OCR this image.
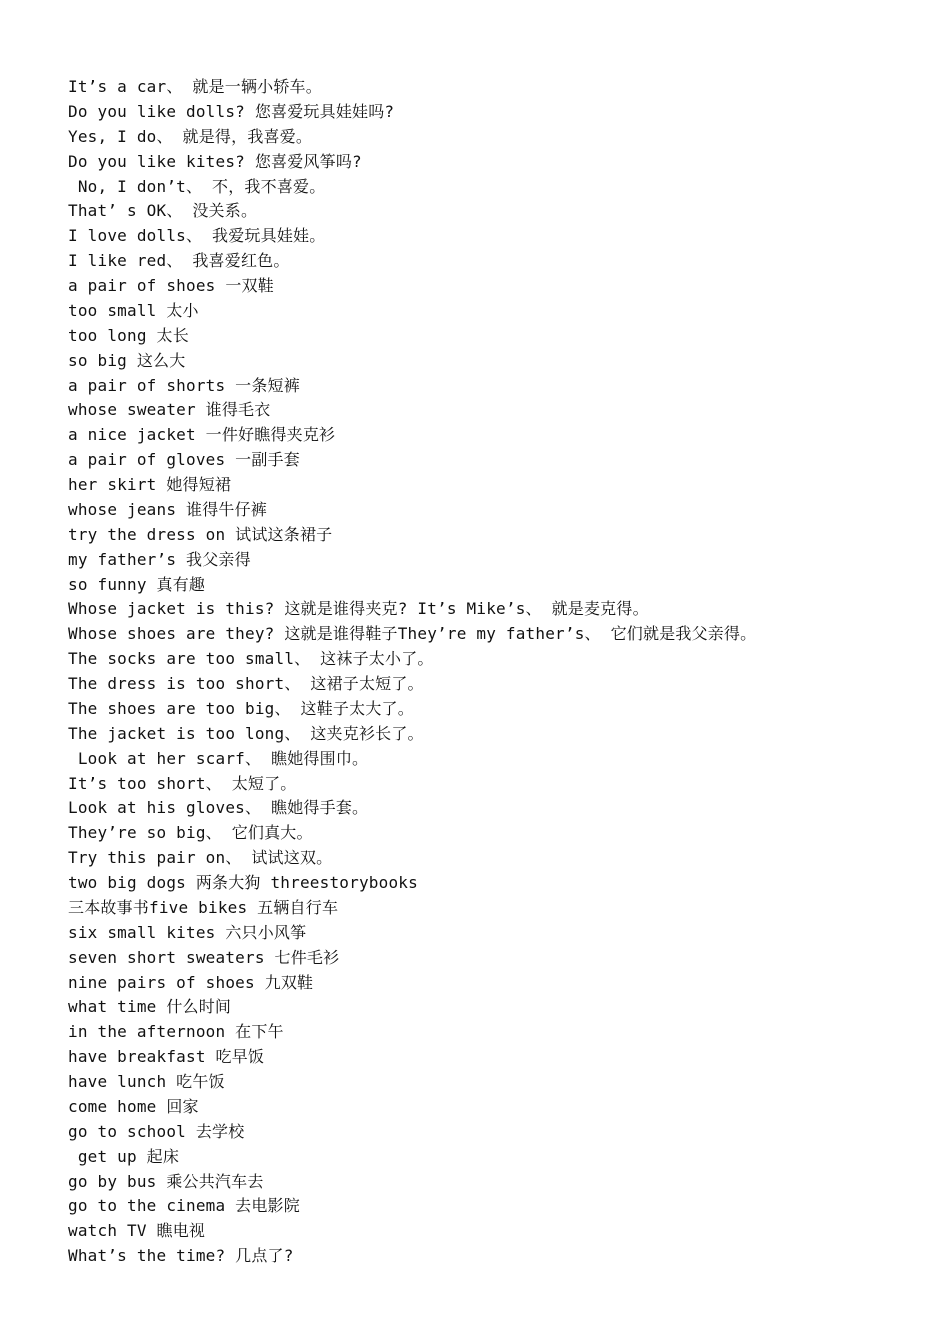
It’s a car、 就是一辆小轿车。
Do you like dolls? 您喜爱玩具娃娃吗?
Yes, I do、 就是得，我喜爱。
Do you like kites? 您喜爱风筝吗?
No, I don’t、 不，我不喜爱。
That’ s OK、 没关系。
I love dolls、 我爱玩具娃娃。
I like red、 我喜爱红色。
a pair of shoes 一双鞋
too small 太小
too long 太长
so big 这么大
a pair of shorts 一条短裤
whose sweater 谁得毛衣
a nice jacket 一件好瞧得夹克衫
a pair of gloves 一副手套
her skirt 她得短裙
whose jeans 谁得牛仔裤
try the dress on 试试这条裙子
my father’s 我父亲得
so funny 真有趣
Whose jacket is this? 这就是谁得夹克? It’s Mike’s、 就是麦克得。
Whose shoes are they? 这就是谁得鞋子They’re my father’s、 它们就是我父亲得。
The socks are too small、 这袜子太小了。
The dress is too short、 这裙子太短了。
The shoes are too big、 这鞋子太大了。
The jacket is too long、 这夹克衫长了。
Look at her scarf、 瞧她得围巾。
It’s too short、 太短了。
Look at his gloves、 瞧她得手套。
They’re so big、 它们真大。
Try this pair on、 试试这双。
two big dogs 两条大狗 threestorybooks
三本故事书five bikes 五辆自行车
six small kites 六只小风筝
seven short sweaters 七件毛衫
nine pairs of shoes 九双鞋
what time 什么时间
in the afternoon 在下午
have breakfast 吃早饭
have lunch 吃午饭
come home 回家
go to school 去学校
get up 起床
go by bus 乘公共汽车去
go to the cinema 去电影院
watch TV 瞧电视
What’s the time? 几点了?
